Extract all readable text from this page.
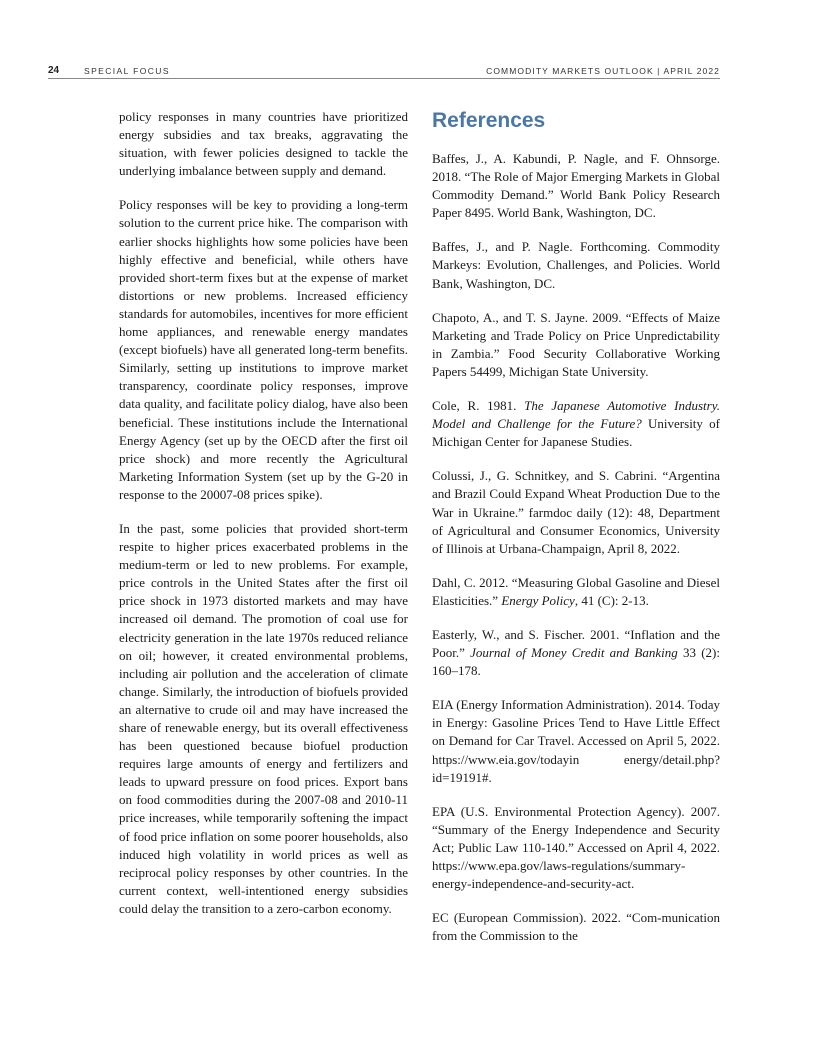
24	SPECIAL FOCUS	COMMODITY MARKETS OUTLOOK | APRIL 2022

policy responses in many countries have prioritized energy subsidies and tax breaks, aggravating the situation, with fewer policies designed to tackle the underlying imbalance between supply and demand.

Policy responses will be key to providing a long-term solution to the current price hike. The comparison with earlier shocks highlights how some policies have been highly effective and beneficial, while others have provided short-term fixes but at the expense of market distortions or new problems. Increased efficiency standards for automobiles, incentives for more efficient home appliances, and renewable energy mandates (except biofuels) have all generated long-term benefits. Similarly, setting up institutions to improve market transparency, coordinate policy responses, improve data quality, and facilitate policy dialog, have also been beneficial. These institutions include the International Energy Agency (set up by the OECD after the first oil price shock) and more recently the Agricultural Marketing Information System (set up by the G-20 in response to the 20007-08 prices spike).

In the past, some policies that provided short-term respite to higher prices exacerbated problems in the medium-term or led to new problems. For example, price controls in the United States after the first oil price shock in 1973 distorted markets and may have increased oil demand. The promotion of coal use for electricity generation in the late 1970s reduced reliance on oil; however, it created environmental problems, including air pollution and the acceleration of climate change. Similarly, the introduction of biofuels provided an alternative to crude oil and may have increased the share of renewable energy, but its overall effectiveness has been questioned because biofuel production requires large amounts of energy and fertilizers and leads to upward pressure on food prices. Export bans on food commodities during the 2007-08 and 2010-11 price increases, while temporarily softening the impact of food price inflation on some poorer households, also induced high volatility in world prices as well as reciprocal policy responses by other countries. In the current context, well-intentioned energy subsidies could delay the transition to a zero-carbon economy.

References

Baffes, J., A. Kabundi, P. Nagle, and F. Ohnsorge. 2018. “The Role of Major Emerging Markets in Global Commodity Demand.” World Bank Policy Research Paper 8495. World Bank, Washington, DC.

Baffes, J., and P. Nagle. Forthcoming. Commodity Markeys: Evolution, Challenges, and Policies. World Bank, Washington, DC.

Chapoto, A., and T. S. Jayne. 2009. “Effects of Maize Marketing and Trade Policy on Price Unpredictability in Zambia.” Food Security Collaborative Working Papers 54499, Michigan State University.

Cole, R. 1981. The Japanese Automotive Industry. Model and Challenge for the Future? University of Michigan Center for Japanese Studies.

Colussi, J., G. Schnitkey, and S. Cabrini. “Argentina and Brazil Could Expand Wheat Production Due to the War in Ukraine.” farmdoc daily (12): 48, Department of Agricultural and Consumer Economics, University of Illinois at Urbana-Champaign, April 8, 2022.

Dahl, C. 2012. “Measuring Global Gasoline and Diesel Elasticities.” Energy Policy, 41 (C): 2-13.

Easterly, W., and S. Fischer. 2001. “Inflation and the Poor.” Journal of Money Credit and Banking 33 (2): 160–178.

EIA (Energy Information Administration). 2014. Today in Energy: Gasoline Prices Tend to Have Little Effect on Demand for Car Travel. Accessed on April 5, 2022. https://www.eia.gov/todayin energy/detail.php?id=19191#.

EPA (U.S. Environmental Protection Agency). 2007. “Summary of the Energy Independence and Security Act; Public Law 110-140.” Accessed on April 4, 2022. https://www.epa.gov/laws-regulations/summary-energy-independence-and-security-act.

EC (European Commission). 2022. “Com-munication from the Commission to the
